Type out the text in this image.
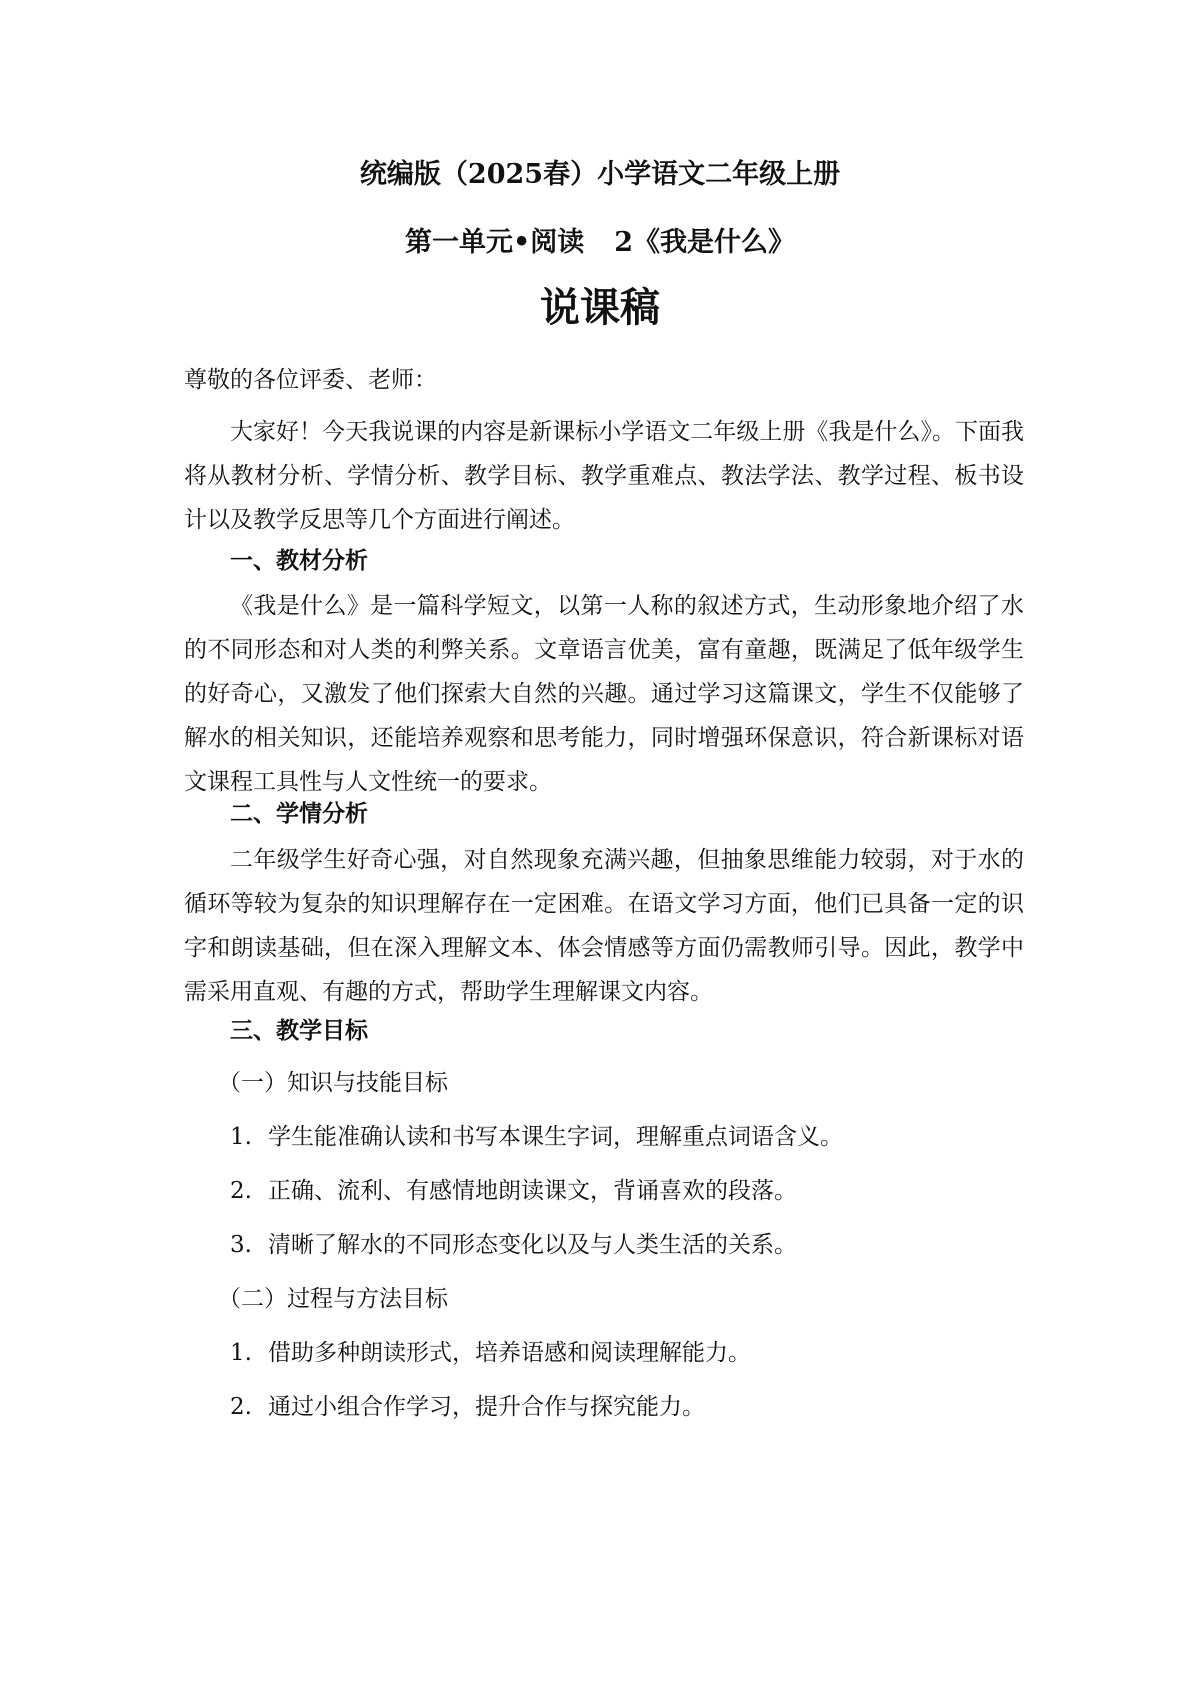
统编版（2025春）小学语文二年级上册
第一单元•阅读 2《我是什么》
说课稿
尊敬的各位评委、老师：
大家好！今天我说课的内容是新课标小学语文二年级上册《我是什么》。下面我将从教材分析、学情分析、教学目标、教学重难点、教法学法、教学过程、板书设计以及教学反思等几个方面进行阐述。
一、教材分析
《我是什么》是一篇科学短文，以第一人称的叙述方式，生动形象地介绍了水的不同形态和对人类的利弊关系。文章语言优美，富有童趣，既满足了低年级学生的好奇心，又激发了他们探索大自然的兴趣。通过学习这篇课文，学生不仅能够了解水的相关知识，还能培养观察和思考能力，同时增强环保意识，符合新课标对语文课程工具性与人文性统一的要求。
二、学情分析
二年级学生好奇心强，对自然现象充满兴趣，但抽象思维能力较弱，对于水的循环等较为复杂的知识理解存在一定困难。在语文学习方面，他们已具备一定的识字和朗读基础，但在深入理解文本、体会情感等方面仍需教师引导。因此，教学中需采用直观、有趣的方式，帮助学生理解课文内容。
三、教学目标
（一）知识与技能目标
1. 学生能准确认读和书写本课生字词，理解重点词语含义。
2. 正确、流利、有感情地朗读课文，背诵喜欢的段落。
3. 清晰了解水的不同形态变化以及与人类生活的关系。
（二）过程与方法目标
1. 借助多种朗读形式，培养语感和阅读理解能力。
2. 通过小组合作学习，提升合作与探究能力。
